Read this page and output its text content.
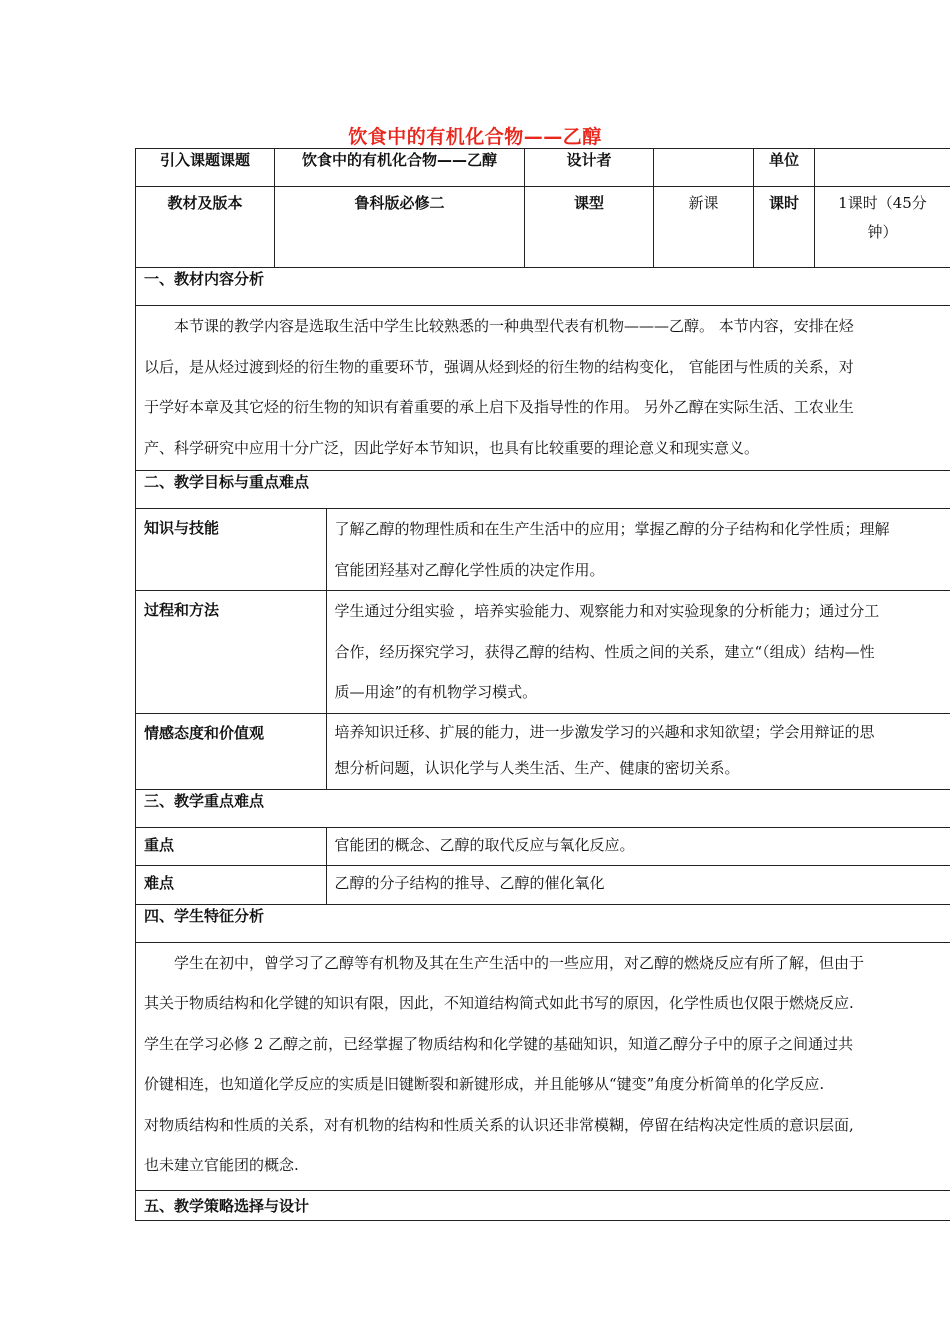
饮食中的有机化合物——乙醇
引入课题课题	饮食中的有机化合物——乙醇	设计者		单位	
教材及版本	鲁科版必修二	课型	新课	课时	1课时（45分
钟）

一、教材内容分析

本节课的教学内容是选取生活中学生比较熟悉的一种典型代表有机物———乙醇。 本节内容，安排在烃
以后，是从烃过渡到烃的衍生物的重要环节，强调从烃到烃的衍生物的结构变化， 官能团与性质的关系，对
于学好本章及其它烃的衍生物的知识有着重要的承上启下及指导性的作用。 另外乙醇在实际生活、工农业生
产、科学研究中应用十分广泛，因此学好本节知识，也具有比较重要的理论意义和现实意义。

二、教学目标与重点难点

知识与技能	了解乙醇的物理性质和在生产生活中的应用；掌握乙醇的分子结构和化学性质；理解
官能团羟基对乙醇化学性质的决定作用。

过程和方法	学生通过分组实验 ，培养实验能力、观察能力和对实验现象的分析能力；通过分工
合作，经历探究学习，获得乙醇的结构、性质之间的关系，建立“（组成）结构—性
质—用途”的有机物学习模式。

情感态度和价值观	培养知识迁移、扩展的能力，进一步激发学习的兴趣和求知欲望；学会用辩证的思
想分析问题，认识化学与人类生活、生产、健康的密切关系。

三、教学重点难点

重点	官能团的概念、乙醇的取代反应与氧化反应。
难点	乙醇的分子结构的推导、乙醇的催化氧化

四、学生特征分析

学生在初中，曾学习了乙醇等有机物及其在生产生活中的一些应用，对乙醇的燃烧反应有所了解，但由于
其关于物质结构和化学键的知识有限，因此，不知道结构简式如此书写的原因，化学性质也仅限于燃烧反应.
学生在学习必修 2 乙醇之前，已经掌握了物质结构和化学键的基础知识，知道乙醇分子中的原子之间通过共
价键相连，也知道化学反应的实质是旧键断裂和新键形成，并且能够从“键变”角度分析简单的化学反应.
对物质结构和性质的关系，对有机物的结构和性质关系的认识还非常模糊，停留在结构决定性质的意识层面,
也未建立官能团的概念.

五、教学策略选择与设计
